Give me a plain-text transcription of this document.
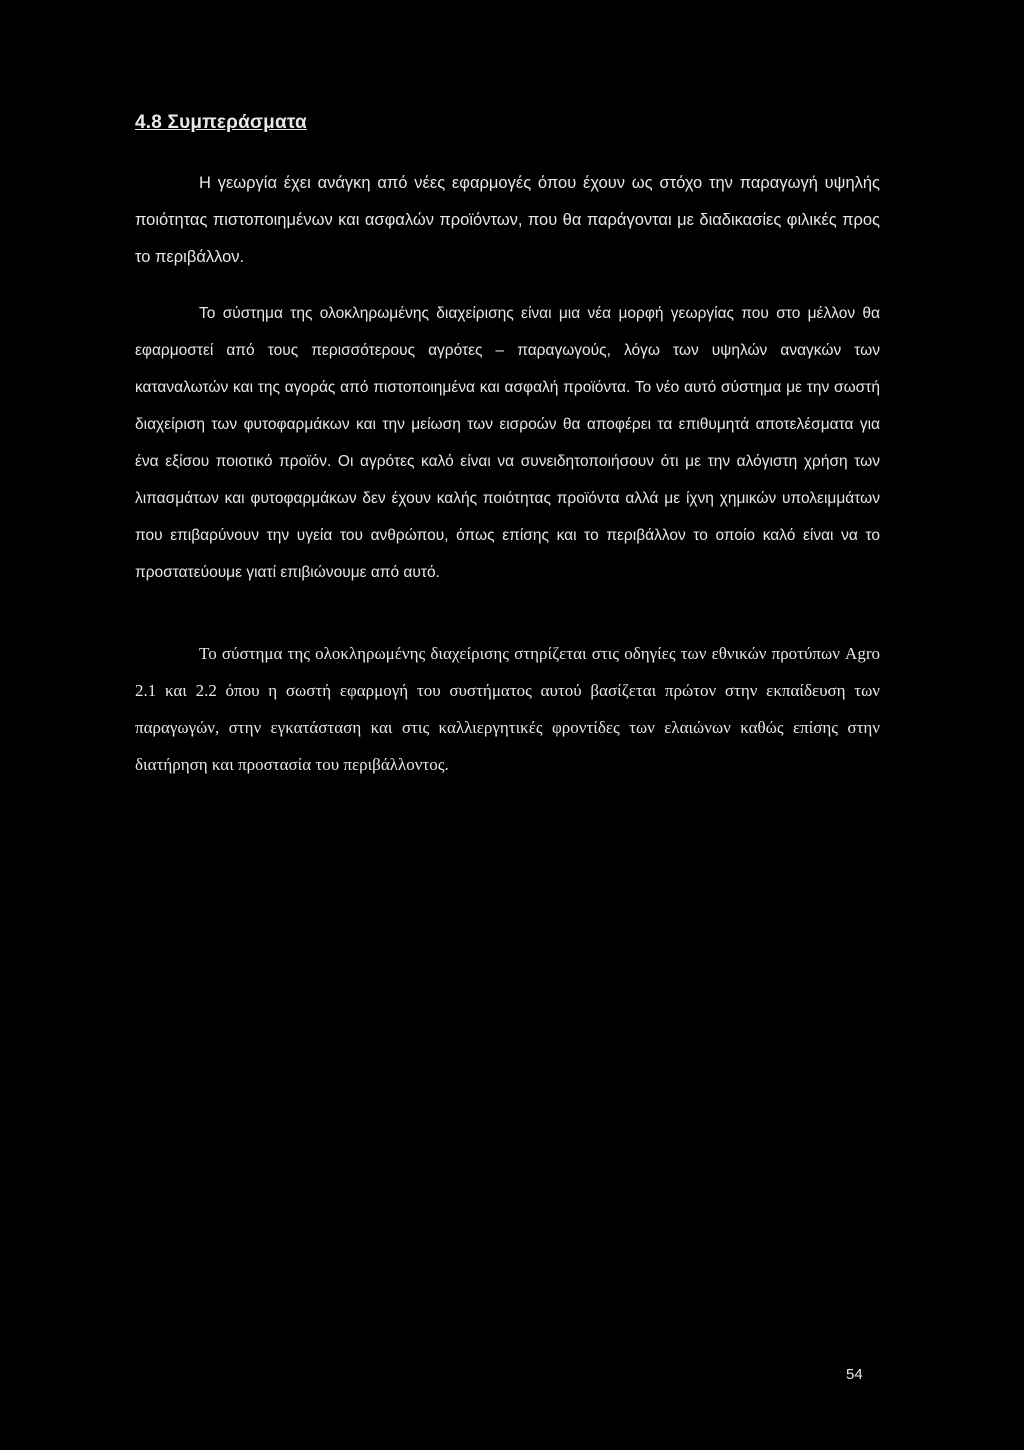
4.8 Συμπεράσματα

Η γεωργία έχει ανάγκη από νέες εφαρμογές όπου έχουν ως στόχο την παραγωγή υψηλής ποιότητας πιστοποιημένων και ασφαλών προϊόντων, που θα παράγονται με διαδικασίες φιλικές προς το περιβάλλον.

Το σύστημα της ολοκληρωμένης διαχείρισης είναι μια νέα μορφή γεωργίας που στο μέλλον θα εφαρμοστεί από τους περισσότερους αγρότες – παραγωγούς, λόγω των υψηλών αναγκών των καταναλωτών και της αγοράς από πιστοποιημένα και ασφαλή προϊόντα. Το νέο αυτό σύστημα με την σωστή διαχείριση των φυτοφαρμάκων και την μείωση των εισροών θα αποφέρει τα επιθυμητά αποτελέσματα για ένα εξίσου ποιοτικό προϊόν. Οι αγρότες καλό είναι να συνειδητοποιήσουν ότι με την αλόγιστη χρήση των λιπασμάτων και φυτοφαρμάκων δεν έχουν καλής ποιότητας προϊόντα αλλά με ίχνη χημικών υπολειμμάτων που επιβαρύνουν την υγεία του ανθρώπου, όπως επίσης και το περιβάλλον το οποίο καλό είναι να το προστατεύουμε γιατί επιβιώνουμε από αυτό.

Το σύστημα της ολοκληρωμένης διαχείρισης στηρίζεται στις οδηγίες των εθνικών προτύπων Agro 2.1 και 2.2 όπου η σωστή εφαρμογή του συστήματος αυτού βασίζεται πρώτον στην εκπαίδευση των παραγωγών, στην εγκατάσταση και στις καλλιεργητικές φροντίδες των ελαιώνων καθώς επίσης στην διατήρηση και προστασία του περιβάλλοντος.

54
